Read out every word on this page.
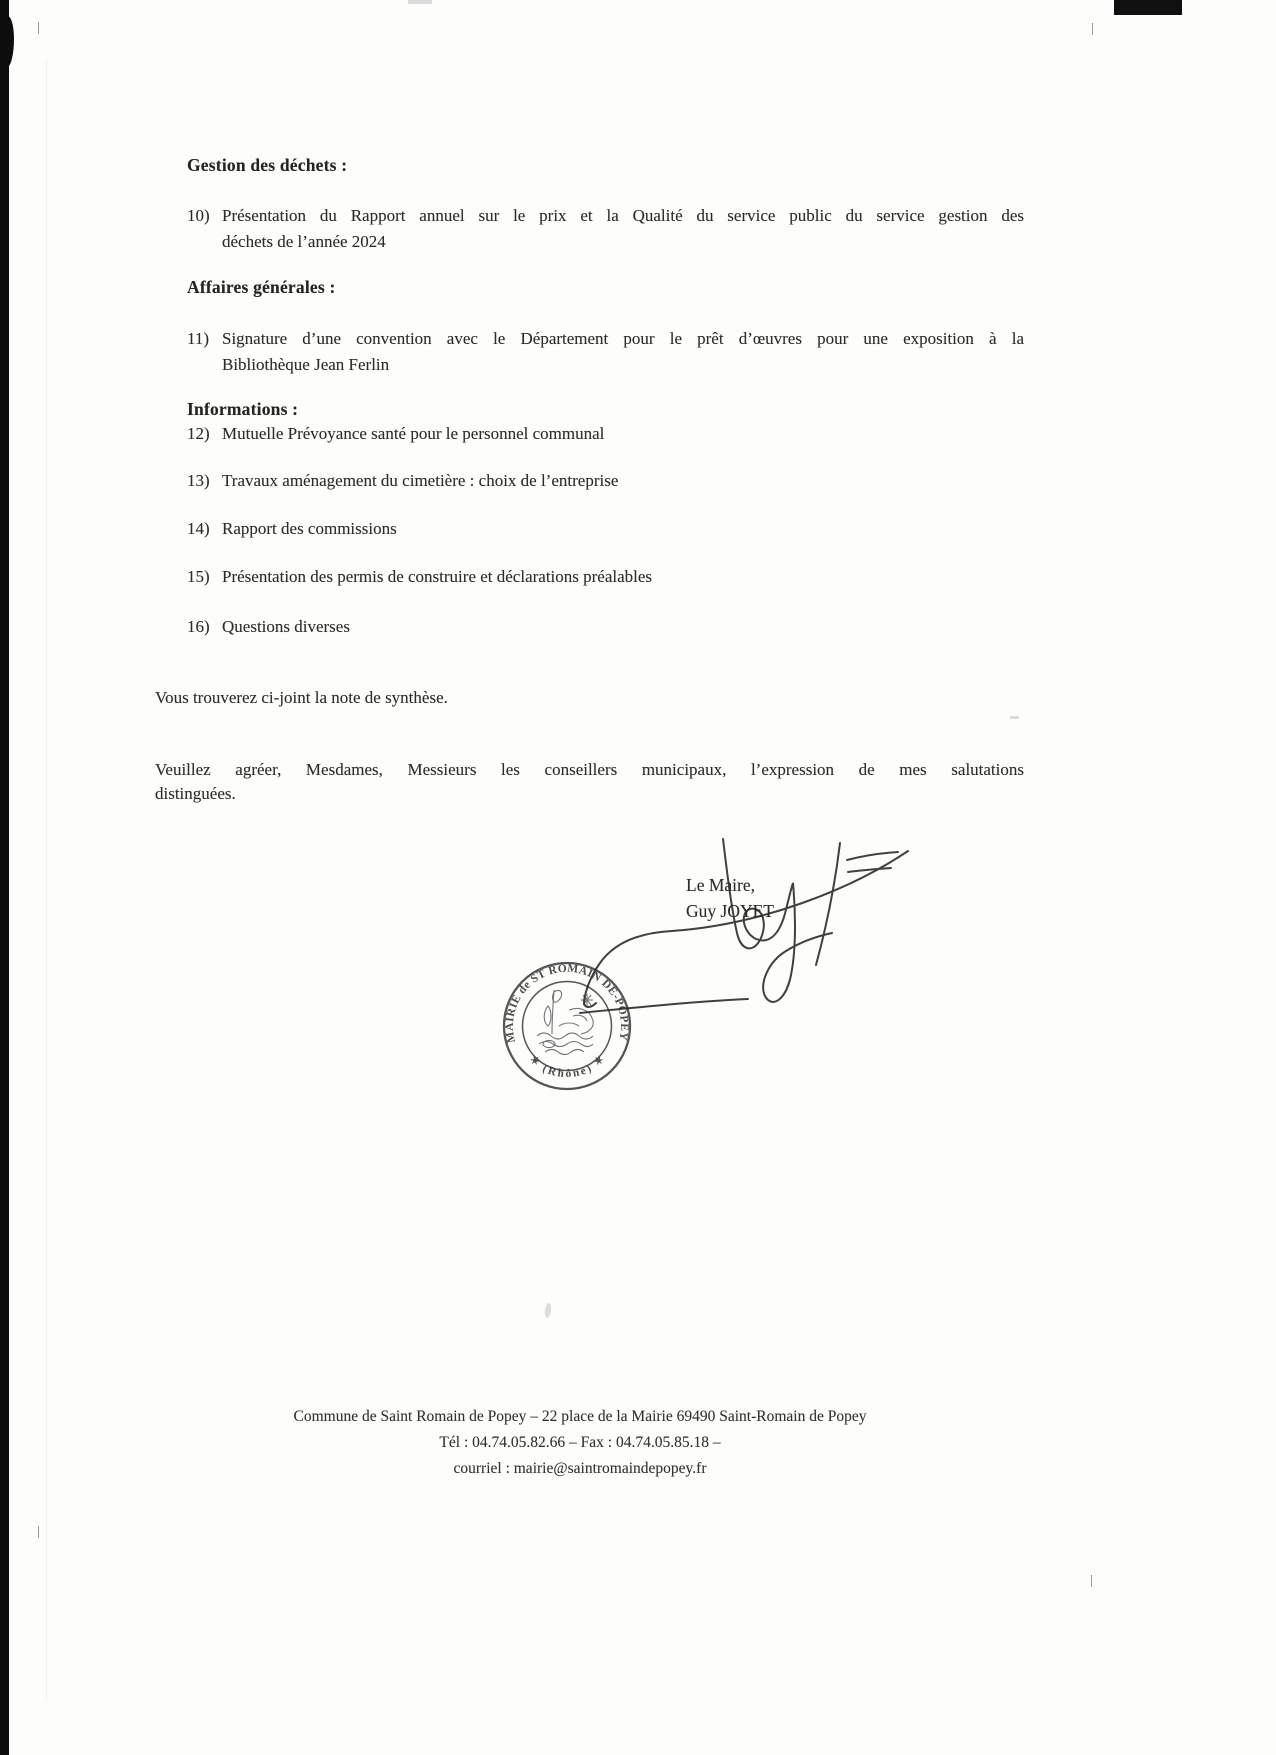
Gestion des déchets :
10) Présentation du Rapport annuel sur le prix et la Qualité du service public du service gestion des
déchets de l’année 2024
Affaires générales :
11) Signature d’une convention avec le Département pour le prêt d’œuvres pour une exposition à la
Bibliothèque Jean Ferlin
Informations :
12) Mutuelle Prévoyance santé pour le personnel communal
13) Travaux aménagement du cimetière : choix de l’entreprise
14) Rapport des commissions
15) Présentation des permis de construire et déclarations préalables
16) Questions diverses
Vous trouverez ci-joint la note de synthèse.
Veuillez agréer, Mesdames, Messieurs les conseillers municipaux, l’expression de mes salutations
distinguées.
Le Maire,
Guy JOYET
MAIRIE de ST ROMAIN DE-POPEY
✶ (Rhône) ✶
Commune de Saint Romain de Popey – 22 place de la Mairie 69490 Saint-Romain de Popey
Tél : 04.74.05.82.66 – Fax : 04.74.05.85.18 –
courriel : mairie@saintromaindepopey.fr
